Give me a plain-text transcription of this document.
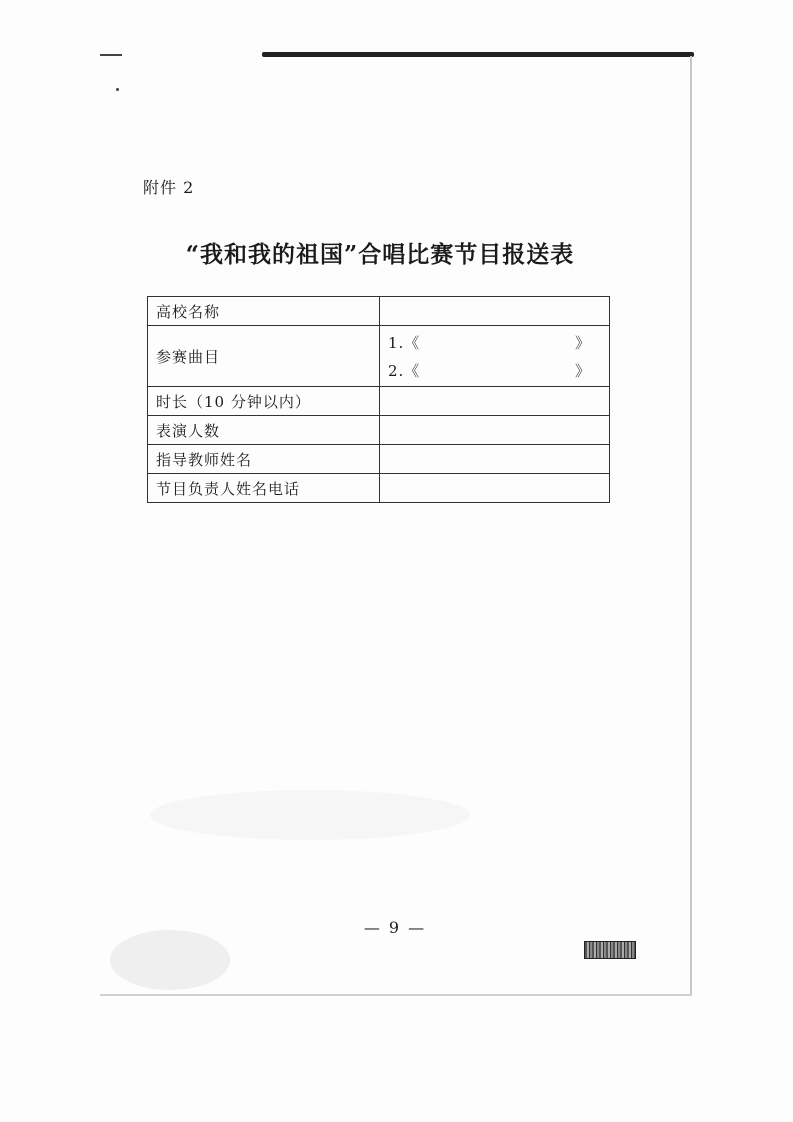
附件 2
“我和我的祖国”合唱比赛节目报送表
高校名称	
参赛曲目	1.《 》
2.《 》

时长（10 分钟以内）	
表演人数	
指导教师姓名	
节目负责人姓名电话	
— 9 —
